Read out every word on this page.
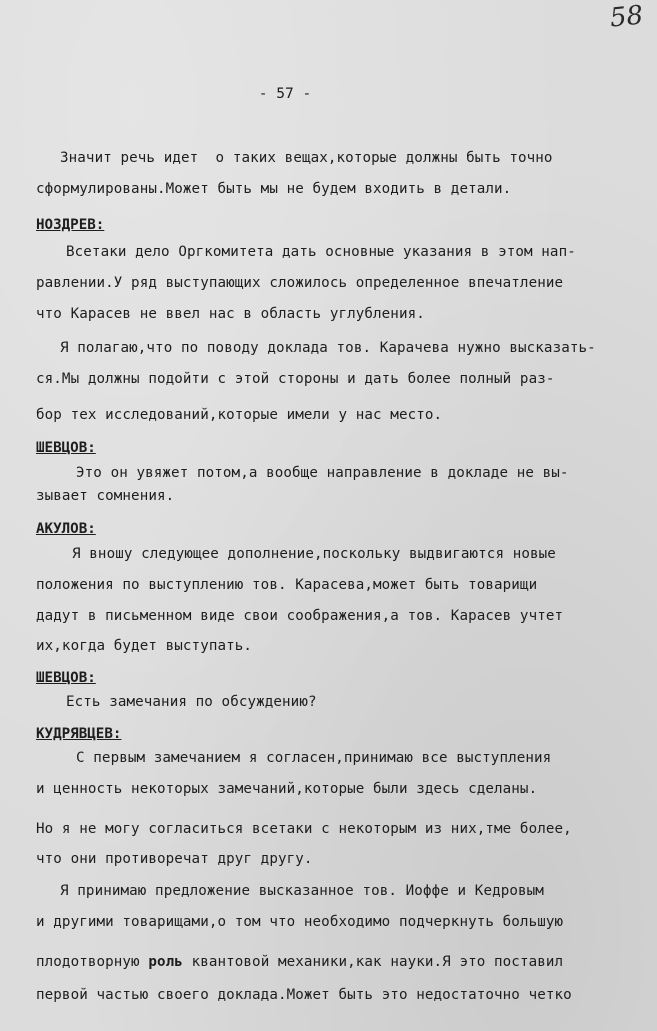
58
- 57 -
Значит речь идет  о таких вещах,которые должны быть точно
сформулированы.Может быть мы не будем входить в детали.
НОЗДРЕВ:
Всетаки дело Оргкомитета дать основные указания в этом нап-
равлении.У ряд выступающих сложилось определенное впечатление
что Карасев не ввел нас в область углубления.
Я полагаю,что по поводу доклада тов. Карачева нужно высказать-
ся.Мы должны подойти с этой стороны и дать более полный раз-
бор тех исследований,которые имели у нас место.
ШЕВЦОВ:
Это он увяжет потом,а вообще направление в докладе не вы-
зывает сомнения.
АКУЛОВ:
Я вношу следующее дополнение,поскольку выдвигаются новые
положения по выступлению тов. Карасева,может быть товарищи
дадут в письменном виде свои соображения,а тов. Карасев учтет
их,когда будет выступать.
ШЕВЦОВ:
Есть замечания по обсуждению?
КУДРЯВЦЕВ:
С первым замечанием я согласен,принимаю все выступления
и ценность некоторых замечаний,которые были здесь сделаны.
Но я не могу согласиться всетаки с некоторым из них,тме более,
что они противоречат друг другу.
Я принимаю предложение высказанное тов. Иоффе и Кедровым
и другими товарищами,о том что необходимо подчеркнуть большую
плодотворную роль квантовой механики,как науки.Я это поставил
первой частью своего доклада.Может быть это недостаточно четко
